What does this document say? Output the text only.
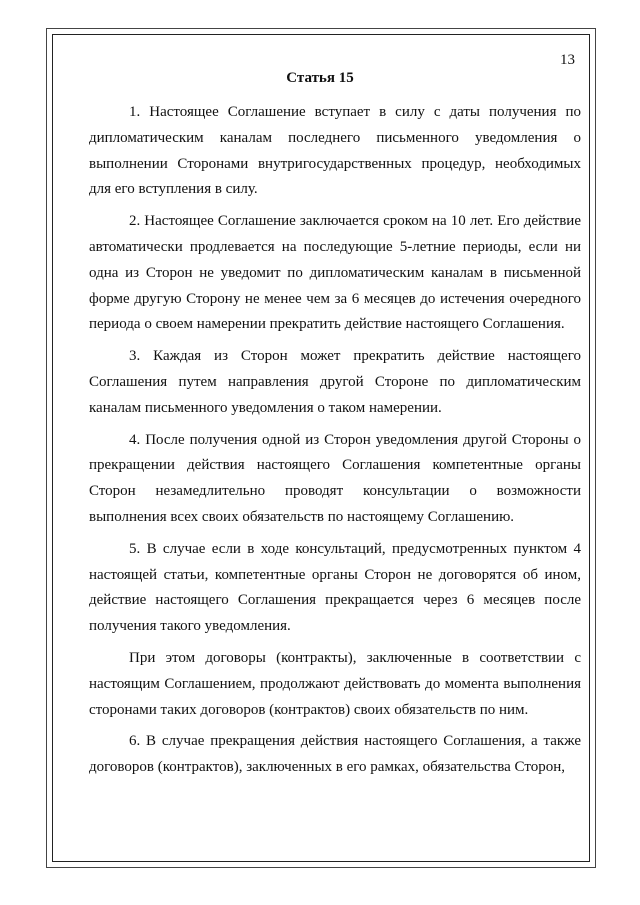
13
Статья 15

1. Настоящее Соглашение вступает в силу с даты получения по дипломатическим каналам последнего письменного уведомления о выполнении Сторонами внутригосударственных процедур, необходимых для его вступления в силу.

2. Настоящее Соглашение заключается сроком на 10 лет. Его действие автоматически продлевается на последующие 5-летние периоды, если ни одна из Сторон не уведомит по дипломатическим каналам в письменной форме другую Сторону не менее чем за 6 месяцев до истечения очередного периода о своем намерении прекратить действие настоящего Соглашения.

3. Каждая из Сторон может прекратить действие настоящего Соглашения путем направления другой Стороне по дипломатическим каналам письменного уведомления о таком намерении.

4. После получения одной из Сторон уведомления другой Стороны о прекращении действия настоящего Соглашения компетентные органы Сторон незамедлительно проводят консультации о возможности выполнения всех своих обязательств по настоящему Соглашению.

5. В случае если в ходе консультаций, предусмотренных пунктом 4 настоящей статьи, компетентные органы Сторон не договорятся об ином, действие настоящего Соглашения прекращается через 6 месяцев после получения такого уведомления.

При этом договоры (контракты), заключенные в соответствии с настоящим Соглашением, продолжают действовать до момента выполнения сторонами таких договоров (контрактов) своих обязательств по ним.

6. В случае прекращения действия настоящего Соглашения, а также договоров (контрактов), заключенных в его рамках, обязательства Сторон,
